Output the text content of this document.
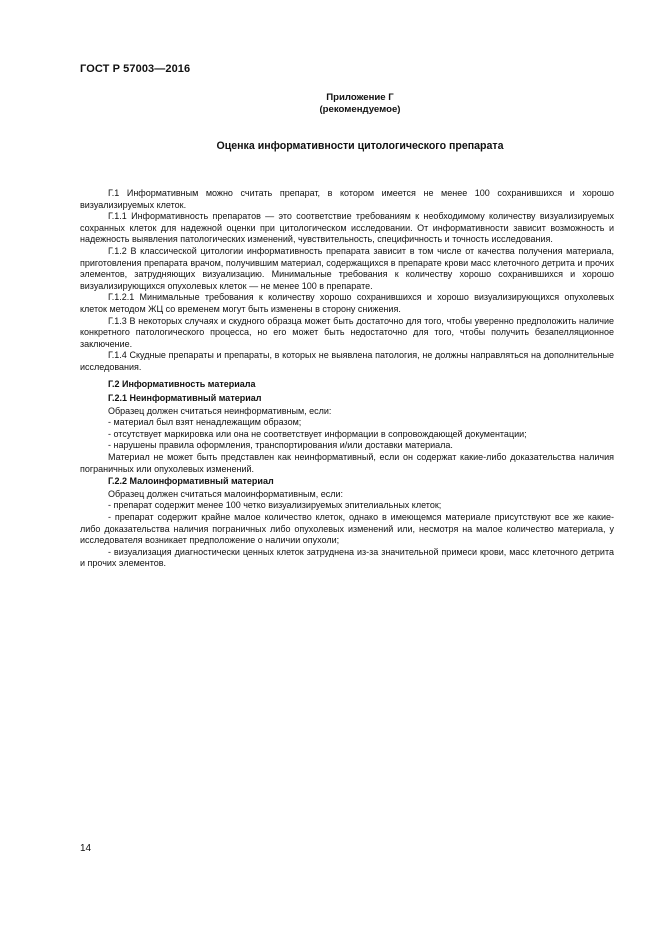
ГОСТ Р 57003—2016
Приложение Г
(рекомендуемое)
Оценка информативности цитологического препарата

Г.1 Информативным можно считать препарат, в котором имеется не менее 100 сохранившихся и хорошо визуализируемых клеток.

Г.1.1 Информативность препаратов — это соответствие требованиям к необходимому количеству визуализируемых сохранных клеток для надежной оценки при цитологическом исследовании. От информативности зависит возможность и надежность выявления патологических изменений, чувствительность, специфичность и точность исследования.

Г.1.2 В классической цитологии информативность препарата зависит в том числе от качества получения материала, приготовления препарата врачом, получившим материал, содержащихся в препарате крови масс клеточного детрита и прочих элементов, затрудняющих визуализацию. Минимальные требования к количеству хорошо сохранившихся и хорошо визуализирующихся опухолевых клеток — не менее 100 в препарате.

Г.1.2.1 Минимальные требования к количеству хорошо сохранившихся и хорошо визуализирующихся опухолевых клеток методом ЖЦ со временем могут быть изменены в сторону снижения.

Г.1.3 В некоторых случаях и скудного образца может быть достаточно для того, чтобы уверенно предположить наличие конкретного патологического процесса, но его может быть недостаточно для того, чтобы получить безапелляционное заключение.

Г.1.4 Скудные препараты и препараты, в которых не выявлена патология, не должны направляться на дополнительные исследования.

Г.2 Информативность материала

Г.2.1 Неинформативный материал

Образец должен считаться неинформативным, если:

- материал был взят ненадлежащим образом;

- отсутствует маркировка или она не соответствует информации в сопровождающей документации;

- нарушены правила оформления, транспортирования и/или доставки материала.

Материал не может быть представлен как неинформативный, если он содержат какие-либо доказательства наличия пограничных или опухолевых изменений.

Г.2.2 Малоинформативный материал

Образец должен считаться малоинформативным, если:

- препарат содержит менее 100 четко визуализируемых эпителиальных клеток;

- препарат содержит крайне малое количество клеток, однако в имеющемся материале присутствуют все же какие-либо доказательства наличия пограничных либо опухолевых изменений или, несмотря на малое количество материала, у исследователя возникает предположение о наличии опухоли;

- визуализация диагностически ценных клеток затруднена из-за значительной примеси крови, масс клеточного детрита и прочих элементов.

14
